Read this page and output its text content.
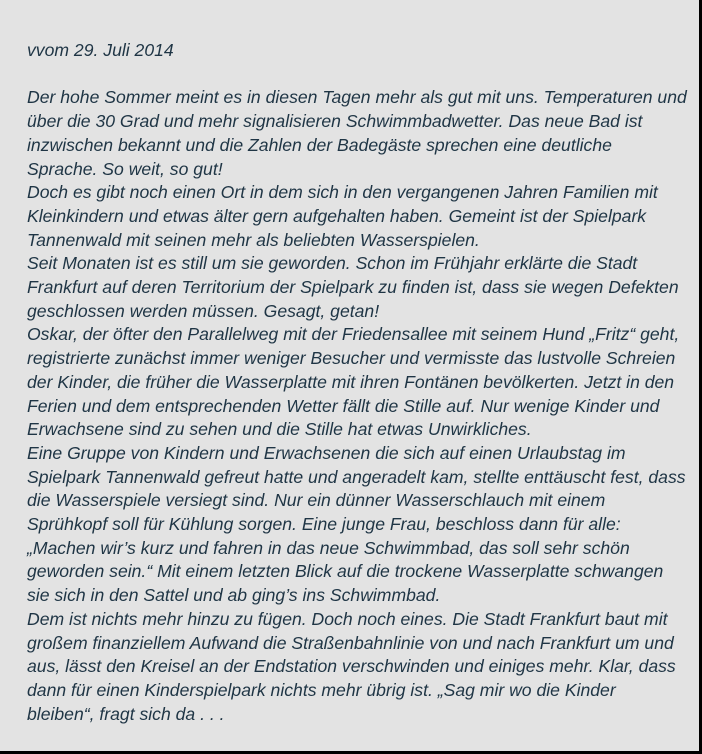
vvom 29. Juli 2014
Der hohe Sommer meint es in diesen Tagen mehr als gut mit uns. Temperaturen und
über die 30 Grad und mehr signalisieren Schwimmbadwetter. Das neue Bad ist
inzwischen bekannt und die Zahlen der Badegäste sprechen eine deutliche
Sprache. So weit, so gut!
Doch es gibt noch einen Ort in dem sich in den vergangenen Jahren Familien mit
Kleinkindern und etwas älter gern aufgehalten haben. Gemeint ist der Spielpark
Tannenwald mit seinen mehr als beliebten Wasserspielen.
Seit Monaten ist es still um sie geworden. Schon im Frühjahr erklärte die Stadt
Frankfurt auf deren Territorium der Spielpark zu finden ist, dass sie wegen Defekten
geschlossen werden müssen. Gesagt, getan!
Oskar, der öfter den Parallelweg mit der Friedensallee mit seinem Hund „Fritz“ geht,
registrierte zunächst immer weniger Besucher und vermisste das lustvolle Schreien
der Kinder, die früher die Wasserplatte mit ihren Fontänen bevölkerten. Jetzt in den
Ferien und dem entsprechenden Wetter fällt die Stille auf. Nur wenige Kinder und
Erwachsene sind zu sehen und die Stille hat etwas Unwirkliches.
Eine Gruppe von Kindern und Erwachsenen die sich auf einen Urlaubstag im
Spielpark Tannenwald gefreut hatte und angeradelt kam, stellte enttäuscht fest, dass
die Wasserspiele versiegt sind. Nur ein dünner Wasserschlauch mit einem
Sprühkopf soll für Kühlung sorgen. Eine junge Frau, beschloss dann für alle:
„Machen wir’s kurz und fahren in das neue Schwimmbad, das soll sehr schön
geworden sein.“ Mit einem letzten Blick auf die trockene Wasserplatte schwangen
sie sich in den Sattel und ab ging’s ins Schwimmbad.
Dem ist nichts mehr hinzu zu fügen. Doch noch eines. Die Stadt Frankfurt baut mit
großem finanziellem Aufwand die Straßenbahnlinie von und nach Frankfurt um und
aus, lässt den Kreisel an der Endstation verschwinden und einiges mehr. Klar, dass
dann für einen Kinderspielpark nichts mehr übrig ist. „Sag mir wo die Kinder
bleiben“, fragt sich da . . .
